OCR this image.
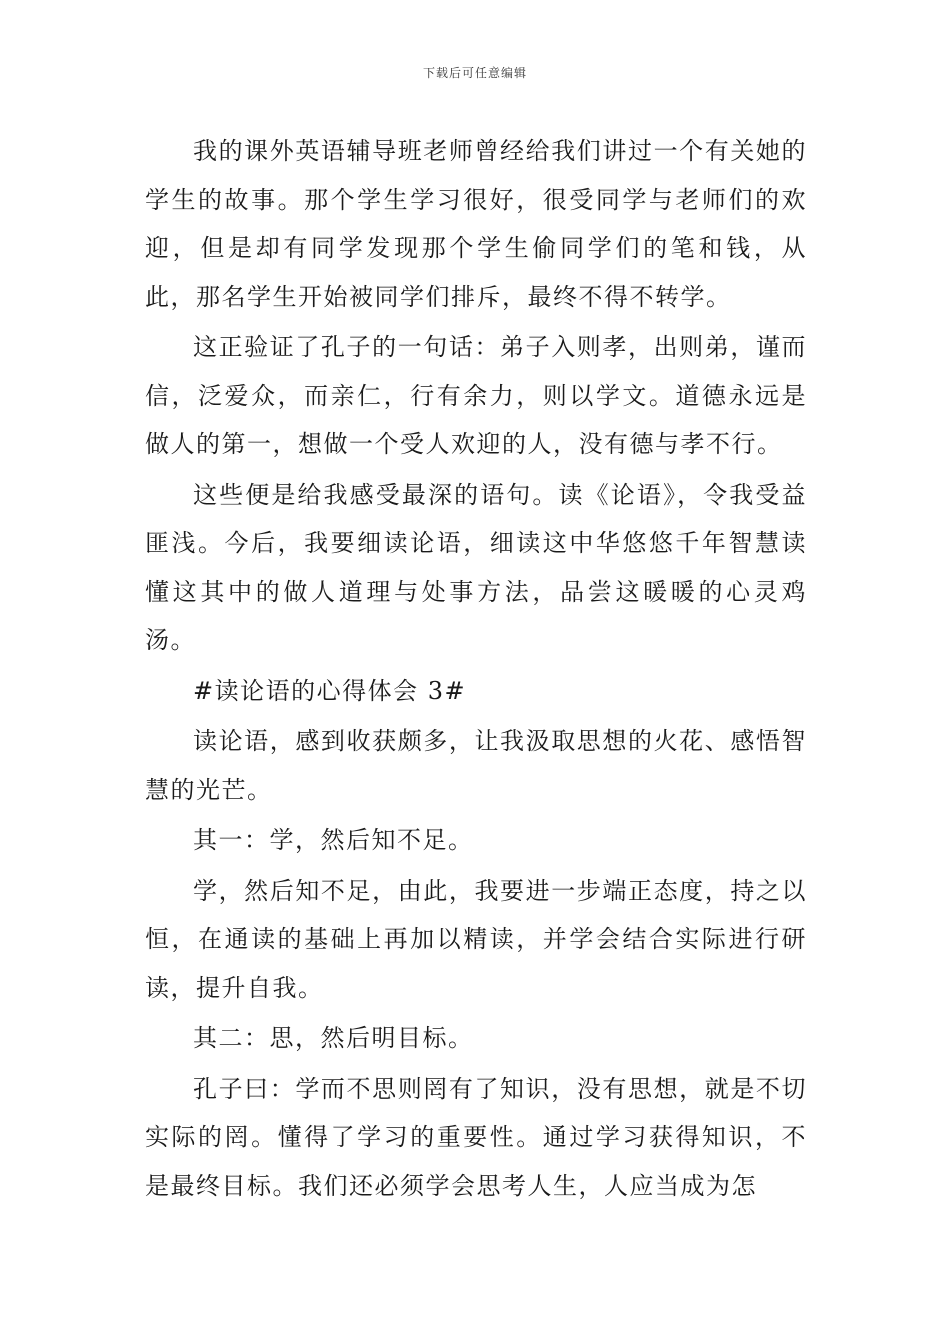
下载后可任意编辑

我的课外英语辅导班老师曾经给我们讲过一个有关她的学生的故事。那个学生学习很好，很受同学与老师们的欢迎，但是却有同学发现那个学生偷同学们的笔和钱，从此，那名学生开始被同学们排斥，最终不得不转学。

这正验证了孔子的一句话：弟子入则孝，出则弟，谨而信，泛爱众，而亲仁，行有余力，则以学文。道德永远是做人的第一，想做一个受人欢迎的人，没有德与孝不行。

这些便是给我感受最深的语句。读《论语》，令我受益匪浅。今后，我要细读论语，细读这中华悠悠千年智慧读懂这其中的做人道理与处事方法，品尝这暖暖的心灵鸡汤。

#读论语的心得体会 3#

读论语，感到收获颇多，让我汲取思想的火花、感悟智慧的光芒。

其一：学，然后知不足。

学，然后知不足，由此，我要进一步端正态度，持之以恒，在通读的基础上再加以精读，并学会结合实际进行研读，提升自我。

其二：思，然后明目标。

孔子曰：学而不思则罔有了知识，没有思想，就是不切实际的罔。懂得了学习的重要性。通过学习获得知识，不是最终目标。我们还必须学会思考人生，人应当成为怎
